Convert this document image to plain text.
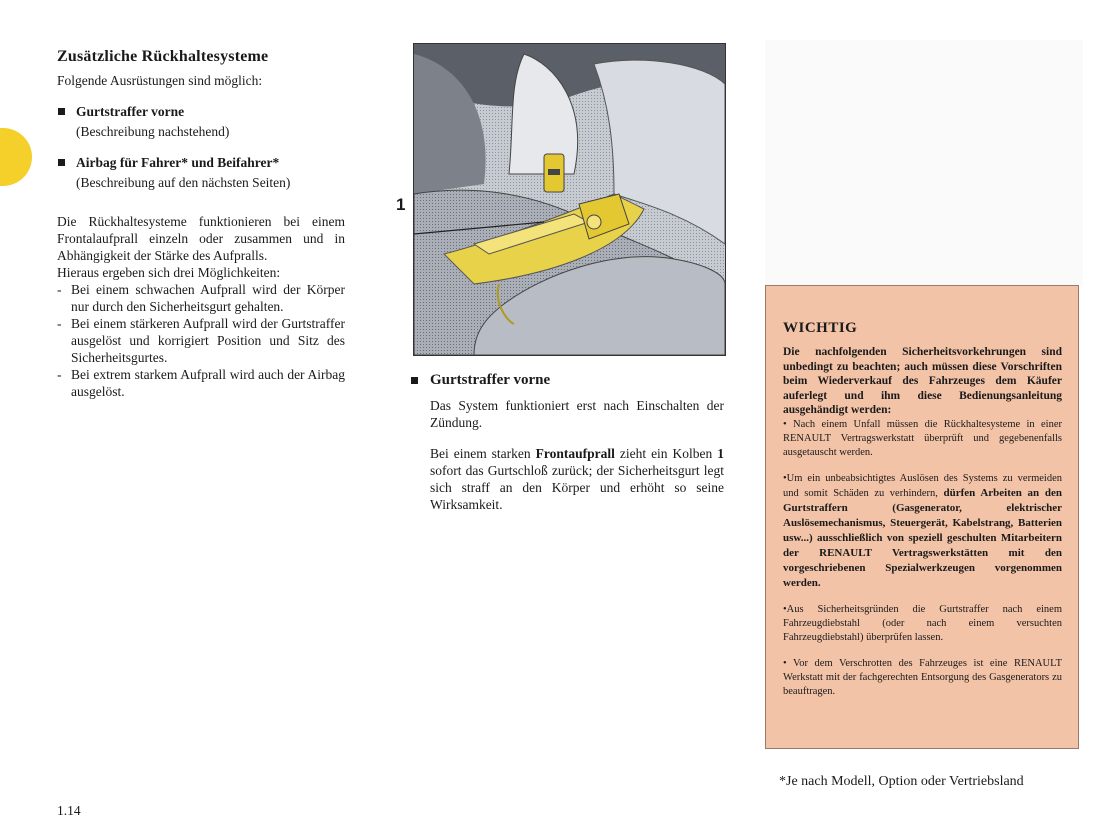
Zusätzliche Rückhaltesysteme
Folgende Ausrüstungen sind möglich:
Gurtstraffer vorne
(Beschreibung nachstehend)
Airbag für Fahrer* und Beifahrer*
(Beschreibung auf den nächsten Seiten)
Die Rückhaltesysteme funktionieren bei einem Frontalaufprall einzeln oder zusammen und in Abhängigkeit der Stärke des Aufpralls.
Hieraus ergeben sich drei Möglichkeiten:
- Bei einem schwachen Aufprall wird der Körper nur durch den Sicherheitsgurt gehalten.
- Bei einem stärkeren Aufprall wird der Gurtstraffer ausgelöst und korrigiert Position und Sitz des Sicherheitsgurtes.
- Bei extrem starkem Aufprall wird auch der Airbag ausgelöst.
1
Gurtstraffer vorne
Das System funktioniert erst nach Einschalten der Zündung.
Bei einem starken Frontaufprall zieht ein Kolben 1 sofort das Gurtschloß zurück; der Sicherheitsgurt legt sich straff an den Körper und erhöht so seine Wirksamkeit.
WICHTIG

Die nachfolgenden Sicherheitsvorkehrungen sind unbedingt zu beachten; auch müssen diese Vorschriften beim Wiederverkauf des Fahrzeuges dem Käufer auferlegt und ihm diese Bedienungsanleitung ausgehändigt werden:

• Nach einem Unfall müssen die Rückhaltesysteme in einer RENAULT Vertragswerkstatt überprüft und gegebenenfalls ausgetauscht werden.

•Um ein unbeabsichtigtes Auslösen des Systems zu vermeiden und somit Schäden zu verhindern, dürfen Arbeiten an den Gurtstraffern (Gasgenerator, elektrischer Auslösemechanismus, Steuergerät, Kabelstrang, Batterien usw...) ausschließlich von speziell geschulten Mitarbeitern der RENAULT Vertragswerkstätten mit den vorgeschriebenen Spezialwerkzeugen vorgenommen werden.

•Aus Sicherheitsgründen die Gurtstraffer nach einem Fahrzeugdiebstahl (oder nach einem versuchten Fahrzeugdiebstahl) überprüfen lassen.

• Vor dem Verschrotten des Fahrzeuges ist eine RENAULT Werkstatt mit der fachgerechten Entsorgung des Gasgenerators zu beauftragen.

*Je nach Modell, Option oder Vertriebsland
1.14
